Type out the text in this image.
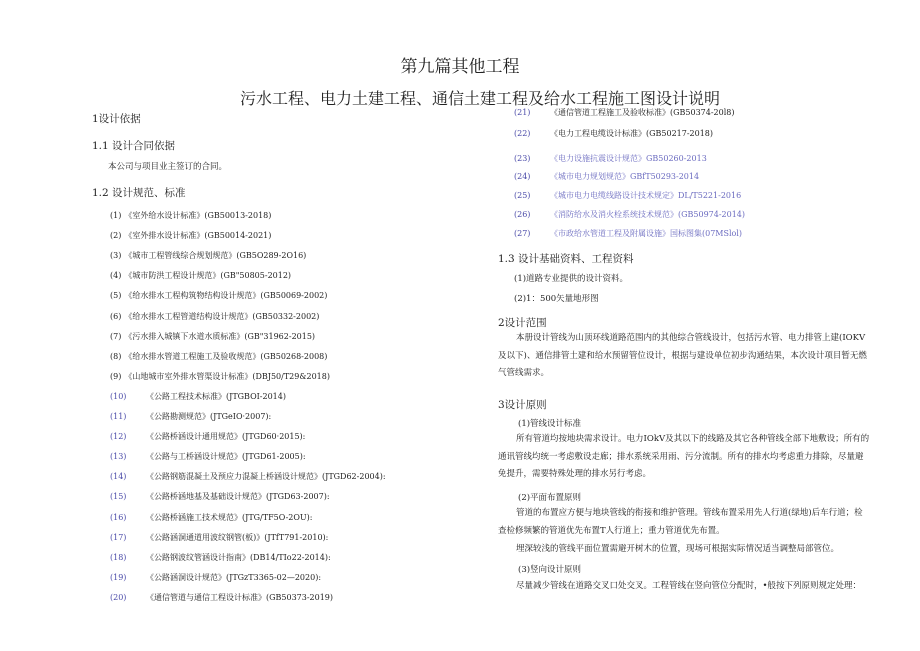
第九篇其他工程
污水工程、电力土建工程、通信土建工程及给水工程施工图设计说明
1设计依据
1.1 设计合同依据
本公司与项目业主签订的合同。
1.2 设计规范、标准
(1) 《室外给水设计标准》(GB50013-2018)
(2) 《室外排水设计标准》(GB50014-2021)
(3) 《城市工程管线综合规划规范》(GB5O289-2O16)
(4) 《城市防洪工程设计规范》(GB"50805-2012)
(5) 《给水排水工程构筑物结构设计规范》(GB50069-2002)
(6) 《给水排水工程管道结构设计规范》(GB50332-2002)
(7) 《污水排入城镇下水道水质标准》(GB"31962-2015)
(8) 《给水排水管道工程施工及验收规范》(GB50268-2008)
(9) 《山地城市室外排水管渠设计标准》(DBJ50/T29&2018)
(10) 《公路工程技术标准》(JTGBOI-2014)
(11) 《公路勘测规范》(JTGeIO·2007):
(12) 《公路桥涵设计通用规范》(JTGD60·2015):
(13) 《公路与工桥涵设计规范》(JTGD61-2005):
(14) 《公路钢筋混凝土及预应力混凝上桥涵设计规范》(JTGD62-2004):
(15) 《公路桥涵地基及基础设计规范》(JTGD63-2007):
(16) 《公路桥涵施工技术规范》(JTG/TF5O-2OU):
(17) 《公路涵洞通道用波纹钢管(板)》(JTfT791-2010):
(18) 《公路钢波纹管涵设计指南》(DB14/TIo22-2014):
(19) 《公路涵洞设计规范》(JTGzT3365-02—2020):
(20) 《通信管道与通信工程设计标准》(GB50373-2019)
(21) 《通信管道工程施工及验收标准》(GB50374-20l8)
(22) 《电力工程电缆设计标准》(GB50217-2018)
(23) 《电力设施抗震设计规范》GB50260-2013
(24) 《城市电力规划规范》GBfT50293-2014
(25) 《城市电力电缆线路设计技术规定》DL/T5221-2016
(26) 《消防给水及消火栓系统技术规范》(GB50974-2014)
(27) 《市政给水管道工程及附属设施》国标图集(07MSlol)
1.3 设计基础资料、工程资料
(1)道路专业提供的设计资料。
(2)1：500矢量地形图
2设计范围
本册设计管线为山顶环线道路范围内的其他综合管线设计，包括污水管、电力排管上建(IOKV及以下)、通信排管土建和给水预留管位设计，根据与建设单位初步沟通结果，本次设计项目暂无燃气管线需求。
3设计原则
(1)管线设计标准
所有管道均按地块需求设计。电力IOkV及其以下的线路及其它各种管线全部下地敷设；所有的通讯管线均统一考虑敷设走廊；排水系统采用雨、污分流制。所有的排水均考虑重力排除，尽量避免提升，需要特殊处理的排水另行考虑。
(2)平面布置原则
管道的布置应方便与地块管线的衔接和维护管理。管线布置采用先人行道(绿地)后车行道；检查检修频繁的管道优先布置T人行道上；重力管道优先布置。
埋深较浅的管线平面位置需避开树木的位置，现场可根据实际情况适当调整局部管位。
(3)竖向设计原则
尽量减少管线在道路交叉口处交叉。工程管线在竖向管位分配时，•般按下列原则规定处理：
